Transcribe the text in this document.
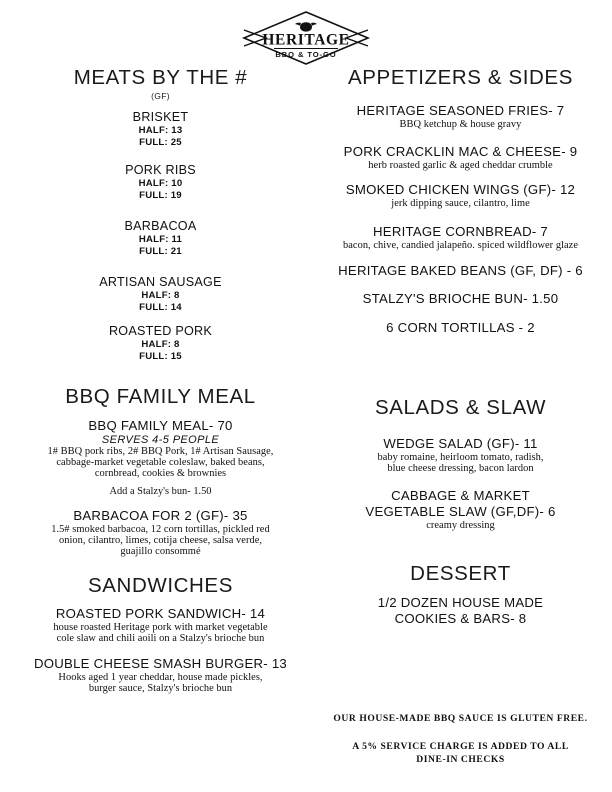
HERITAGE
BBQ & TO-GO
MEATS BY THE #
(GF)
BRISKET
HALF: 13
FULL: 25
PORK RIBS
HALF: 10
FULL: 19
BARBACOA
HALF: 11
FULL: 21
ARTISAN SAUSAGE
HALF: 8
FULL: 14
ROASTED PORK
HALF: 8
FULL: 15
BBQ FAMILY MEAL
BBQ FAMILY MEAL- 70
SERVES 4-5 PEOPLE
1# BBQ pork ribs, 2# BBQ Pork, 1# Artisan Sausage,
cabbage-market vegetable coleslaw, baked beans,
cornbread, cookies & brownies
Add a Stalzy's bun- 1.50
BARBACOA FOR 2 (GF)- 35
1.5# smoked barbacoa, 12 corn tortillas, pickled red
onion, cilantro, limes, cotija cheese, salsa verde,
guajillo consommé
SANDWICHES
ROASTED PORK SANDWICH- 14
house roasted Heritage pork with market vegetable
cole slaw and chili aoili on a Stalzy's brioche bun
DOUBLE CHEESE SMASH BURGER- 13
Hooks aged 1 year cheddar, house made pickles,
burger sauce, Stalzy's brioche bun
APPETIZERS & SIDES
HERITAGE SEASONED FRIES- 7
BBQ ketchup & house gravy
PORK CRACKLIN MAC & CHEESE- 9
herb roasted garlic & aged cheddar crumble
SMOKED CHICKEN WINGS (GF)- 12
jerk dipping sauce, cilantro, lime
HERITAGE CORNBREAD- 7
bacon, chive, candied jalapeño. spiced wildflower glaze
HERITAGE BAKED BEANS (GF, DF) - 6
STALZY'S BRIOCHE BUN- 1.50
6 CORN TORTILLAS - 2
SALADS & SLAW
WEDGE SALAD (GF)- 11
baby romaine, heirloom tomato, radish,
blue cheese dressing, bacon lardon
CABBAGE & MARKET
VEGETABLE SLAW (GF,DF)- 6
creamy dressing
DESSERT
1/2 DOZEN HOUSE MADE
COOKIES & BARS- 8
OUR HOUSE-MADE BBQ SAUCE IS GLUTEN FREE.
A 5% SERVICE CHARGE IS ADDED TO ALL
DINE-IN CHECKS
